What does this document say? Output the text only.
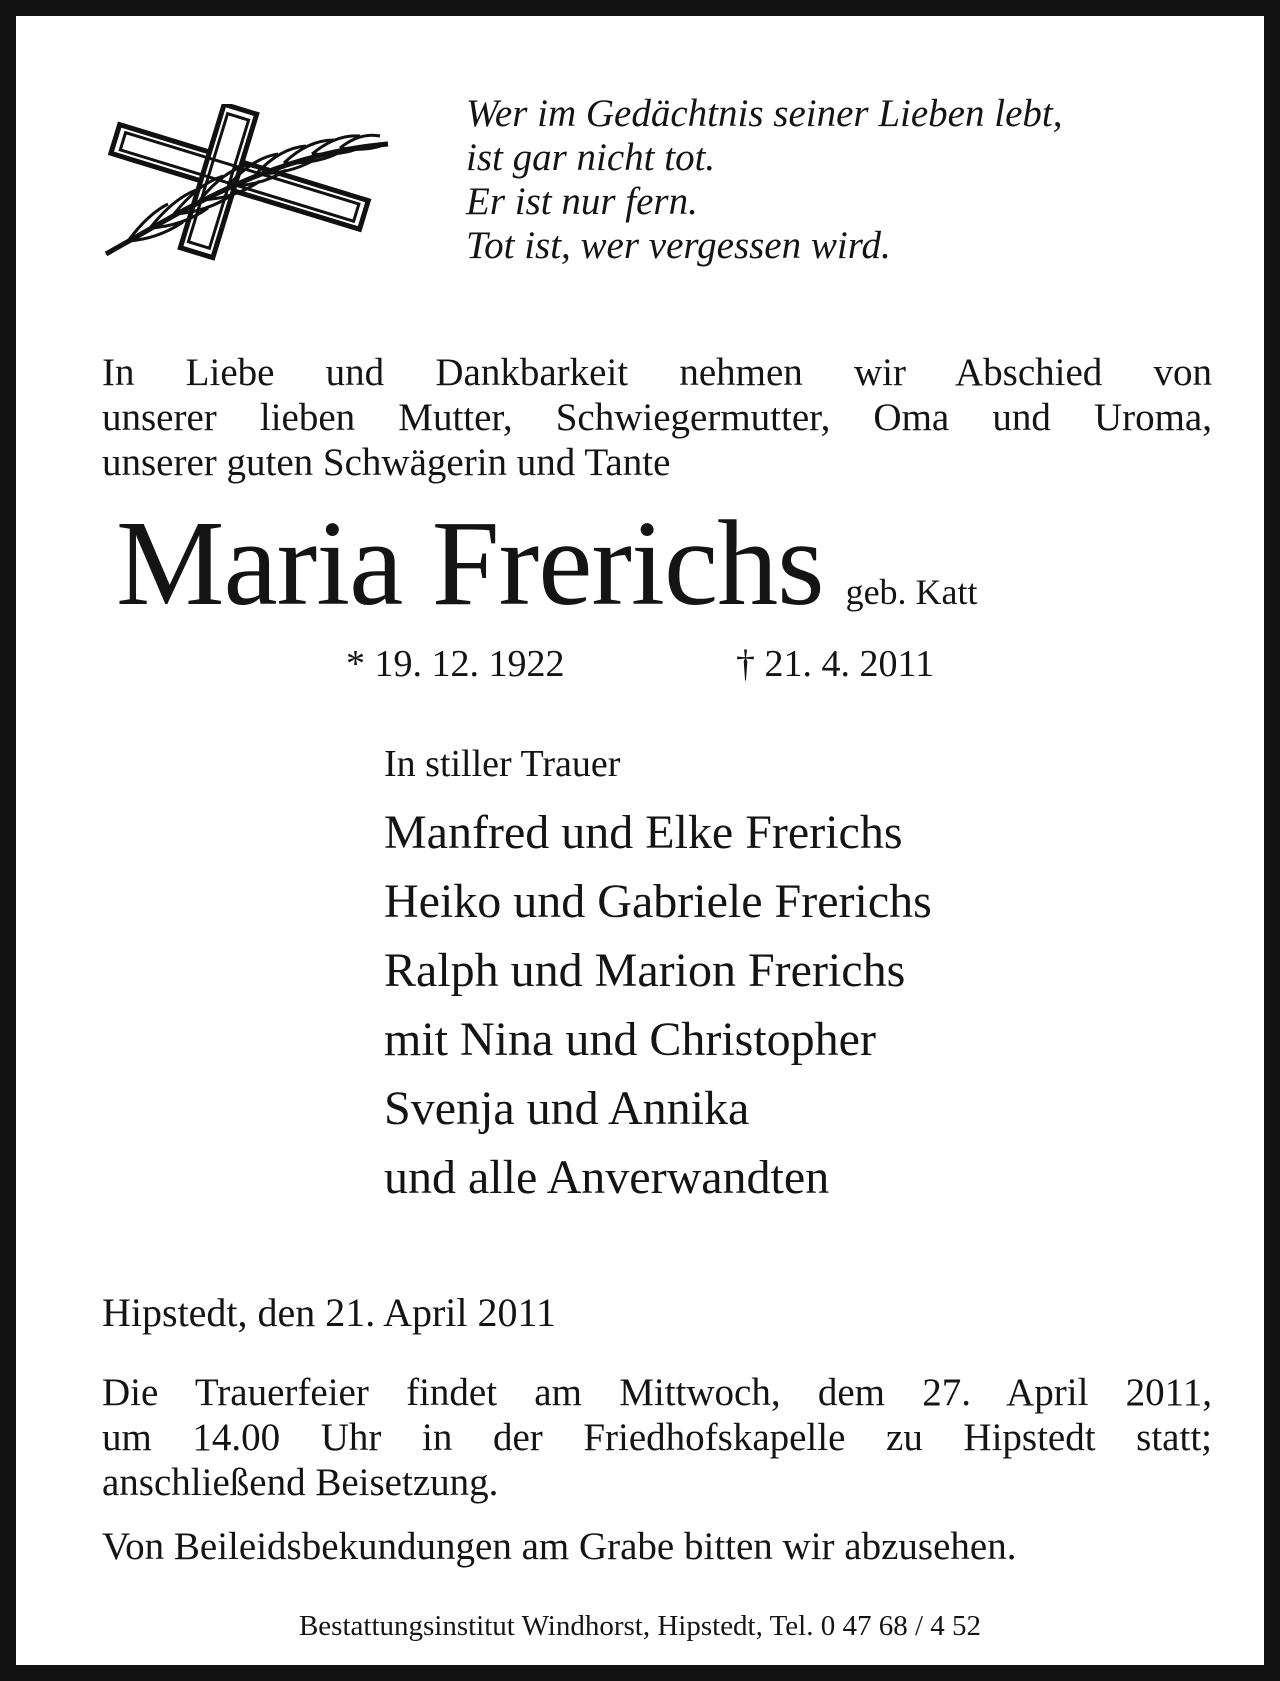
Wer im Gedächtnis seiner Lieben lebt,
ist gar nicht tot.
Er ist nur fern.
Tot ist, wer vergessen wird.
In Liebe und Dankbarkeit nehmen wir Abschied von
unserer lieben Mutter, Schwiegermutter, Oma und Uroma,
unserer guten Schwägerin und Tante
Maria Frerichs geb. Katt
* 19. 12. 1922	† 21. 4. 2011
In stiller Trauer
Manfred und Elke Frerichs
Heiko und Gabriele Frerichs
Ralph und Marion Frerichs
mit Nina und Christopher
Svenja und Annika
und alle Anverwandten
Hipstedt, den 21. April 2011
Die Trauerfeier findet am Mittwoch, dem 27. April 2011,
um 14.00 Uhr in der Friedhofskapelle zu Hipstedt statt;
anschließend Beisetzung.
Von Beileidsbekundungen am Grabe bitten wir abzusehen.
Bestattungsinstitut Windhorst, Hipstedt, Tel. 0 47 68 / 4 52
